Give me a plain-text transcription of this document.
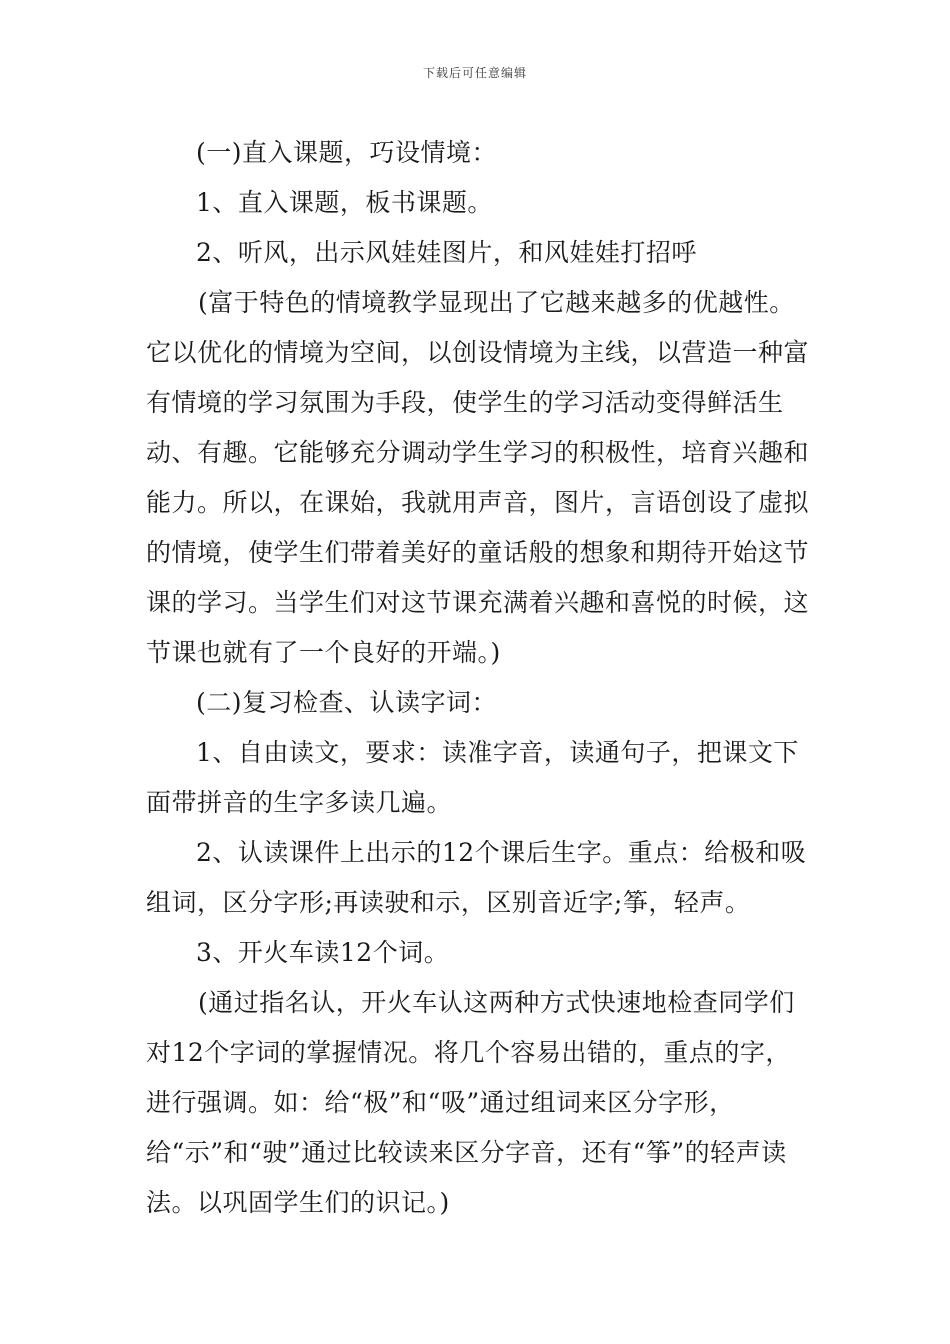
下载后可任意编辑

(一)直入课题，巧设情境：

1、直入课题，板书课题。

2、听风，出示风娃娃图片，和风娃娃打招呼

(富于特色的情境教学显现出了它越来越多的优越性。它以优化的情境为空间，以创设情境为主线，以营造一种富有情境的学习氛围为手段，使学生的学习活动变得鲜活生动、有趣。它能够充分调动学生学习的积极性，培育兴趣和能力。所以，在课始，我就用声音，图片，言语创设了虚拟的情境，使学生们带着美好的童话般的想象和期待开始这节课的学习。当学生们对这节课充满着兴趣和喜悦的时候，这节课也就有了一个良好的开端。)

(二)复习检查、认读字词：

1、自由读文，要求：读准字音，读通句子，把课文下面带拼音的生字多读几遍。

2、认读课件上出示的12个课后生字。重点：给极和吸组词，区分字形;再读驶和示，区别音近字;筝，轻声。

3、开火车读12个词。

(通过指名认，开火车认这两种方式快速地检查同学们对12个字词的掌握情况。将几个容易出错的，重点的字，进行强调。如：给“极”和“吸”通过组词来区分字形，给“示”和“驶”通过比较读来区分字音，还有“筝”的轻声读法。以巩固学生们的识记。)
